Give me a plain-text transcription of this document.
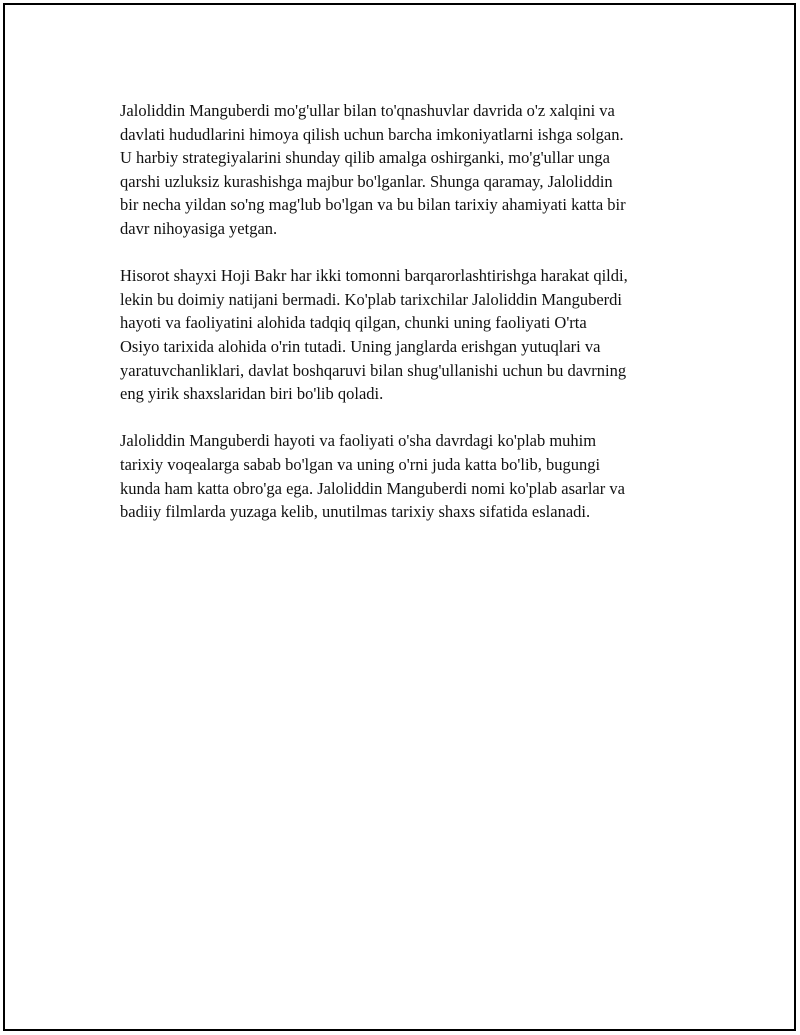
Jaloliddin Manguberdi mo'g'ullar bilan to'qnashuvlar davrida o'z xalqini va
davlati hududlarini himoya qilish uchun barcha imkoniyatlarni ishga solgan.
U harbiy strategiyalarini shunday qilib amalga oshirganki, mo'g'ullar unga
qarshi uzluksiz kurashishga majbur bo'lganlar. Shunga qaramay, Jaloliddin
bir necha yildan so'ng mag'lub bo'lgan va bu bilan tarixiy ahamiyati katta bir
davr nihoyasiga yetgan.

Hisorot shayxi Hoji Bakr har ikki tomonni barqarorlashtirishga harakat qildi,
lekin bu doimiy natijani bermadi. Ko'plab tarixchilar Jaloliddin Manguberdi
hayoti va faoliyatini alohida tadqiq qilgan, chunki uning faoliyati O'rta
Osiyo tarixida alohida o'rin tutadi. Uning janglarda erishgan yutuqlari va
yaratuvchanliklari, davlat boshqaruvi bilan shug'ullanishi uchun bu davrning
eng yirik shaxslaridan biri bo'lib qoladi.

Jaloliddin Manguberdi hayoti va faoliyati o'sha davrdagi ko'plab muhim
tarixiy voqealarga sabab bo'lgan va uning o'rni juda katta bo'lib, bugungi
kunda ham katta obro'ga ega. Jaloliddin Manguberdi nomi ko'plab asarlar va
badiiy filmlarda yuzaga kelib, unutilmas tarixiy shaxs sifatida eslanadi.
